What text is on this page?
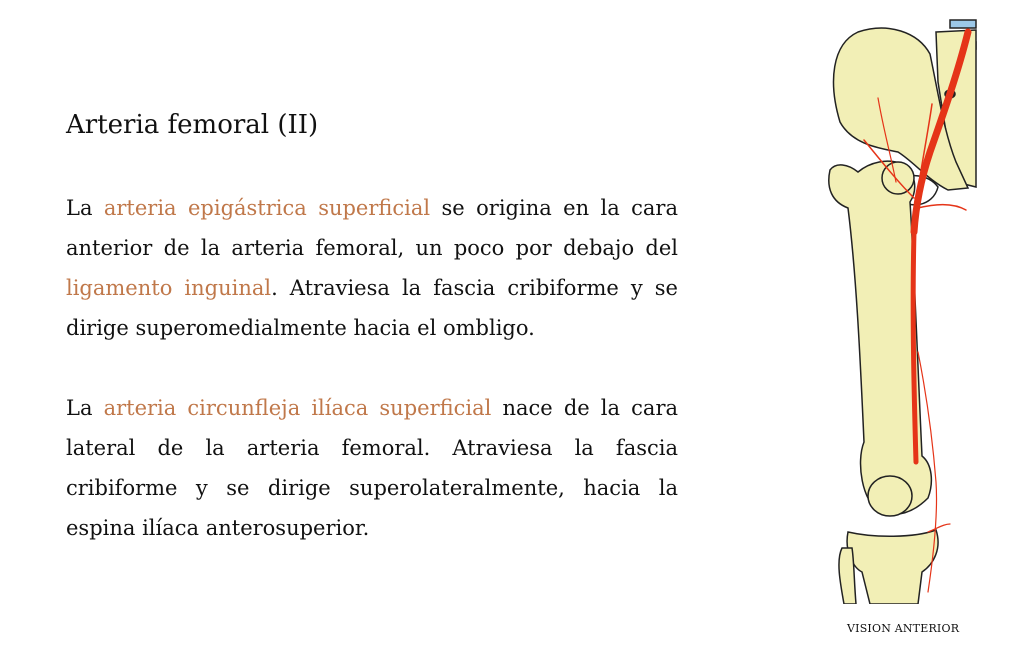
Arteria femoral (II)

La arteria epigástrica superficial se origina en la cara anterior de la arteria femoral, un poco por debajo del ligamento inguinal. Atraviesa la fascia cribiforme y se dirige superomedialmente hacia el ombligo.

La arteria circunfleja ilíaca superficial nace de la cara lateral de la arteria femoral. Atraviesa la fascia cribiforme y se dirige superolateralmente, hacia la espina ilíaca anterosuperior.

VISION ANTERIOR
